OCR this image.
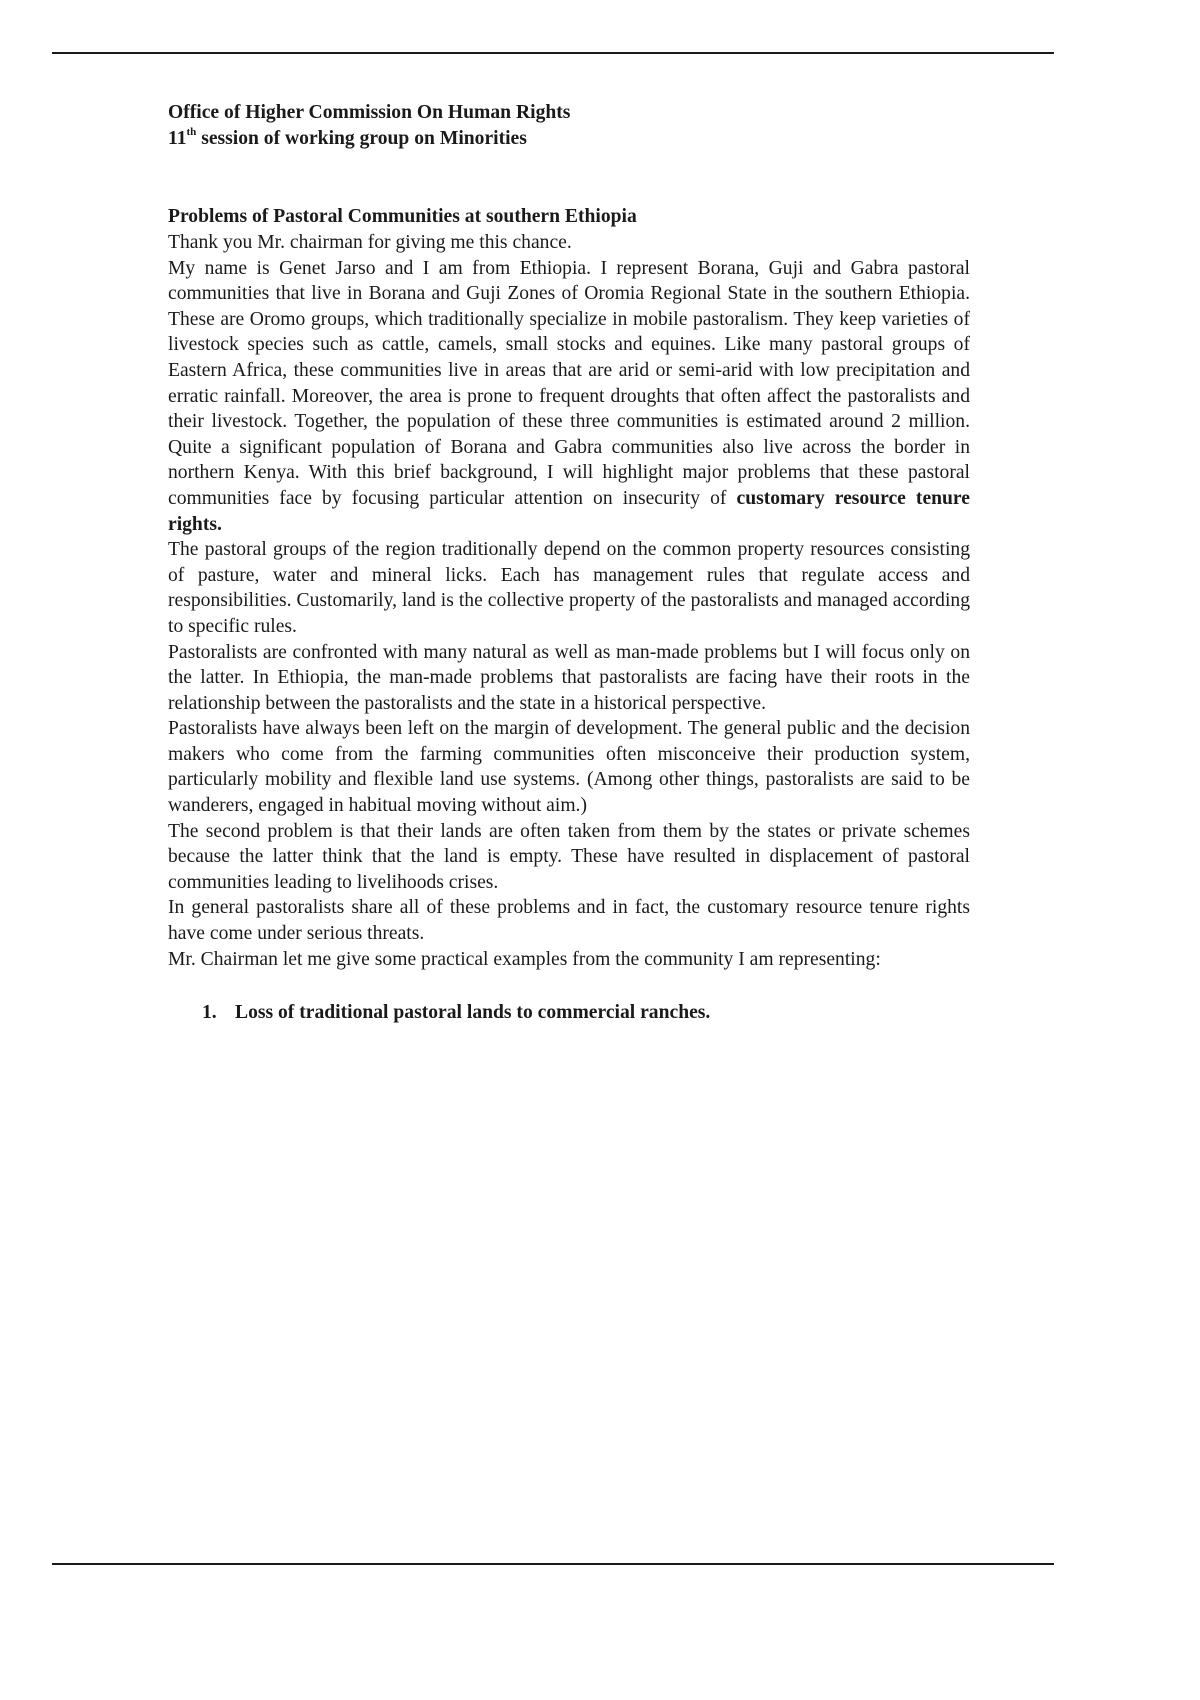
Office of Higher Commission On Human Rights
11th session of working group on Minorities
Problems of Pastoral Communities at southern Ethiopia

Thank you Mr. chairman for giving me this chance.

My name is Genet Jarso and I am from Ethiopia. I represent Borana, Guji and Gabra pastoral communities that live in Borana and Guji Zones of Oromia Regional State in the southern Ethiopia. These are Oromo groups, which traditionally specialize in mobile pastoralism. They keep varieties of livestock species such as cattle, camels, small stocks and equines. Like many pastoral groups of Eastern Africa, these communities live in areas that are arid or semi-arid with low precipitation and erratic rainfall. Moreover, the area is prone to frequent droughts that often affect the pastoralists and their livestock. Together, the population of these three communities is estimated around 2 million. Quite a significant population of Borana and Gabra communities also live across the border in northern Kenya. With this brief background, I will highlight major problems that these pastoral communities face by focusing particular attention on insecurity of customary resource tenure rights.

The pastoral groups of the region traditionally depend on the common property resources consisting of pasture, water and mineral licks. Each has management rules that regulate access and responsibilities. Customarily, land is the collective property of the pastoralists and managed according to specific rules.

Pastoralists are confronted with many natural as well as man-made problems but I will focus only on the latter. In Ethiopia, the man-made problems that pastoralists are facing have their roots in the relationship between the pastoralists and the state in a historical perspective.

Pastoralists have always been left on the margin of development. The general public and the decision makers who come from the farming communities often misconceive their production system, particularly mobility and flexible land use systems. (Among other things, pastoralists are said to be wanderers, engaged in habitual moving without aim.)

The second problem is that their lands are often taken from them by the states or private schemes because the latter think that the land is empty. These have resulted in displacement of pastoral communities leading to livelihoods crises.

In general pastoralists share all of these problems and in fact, the customary resource tenure rights have come under serious threats.

Mr. Chairman let me give some practical examples from the community I am representing:

1. Loss of traditional pastoral lands to commercial ranches.
